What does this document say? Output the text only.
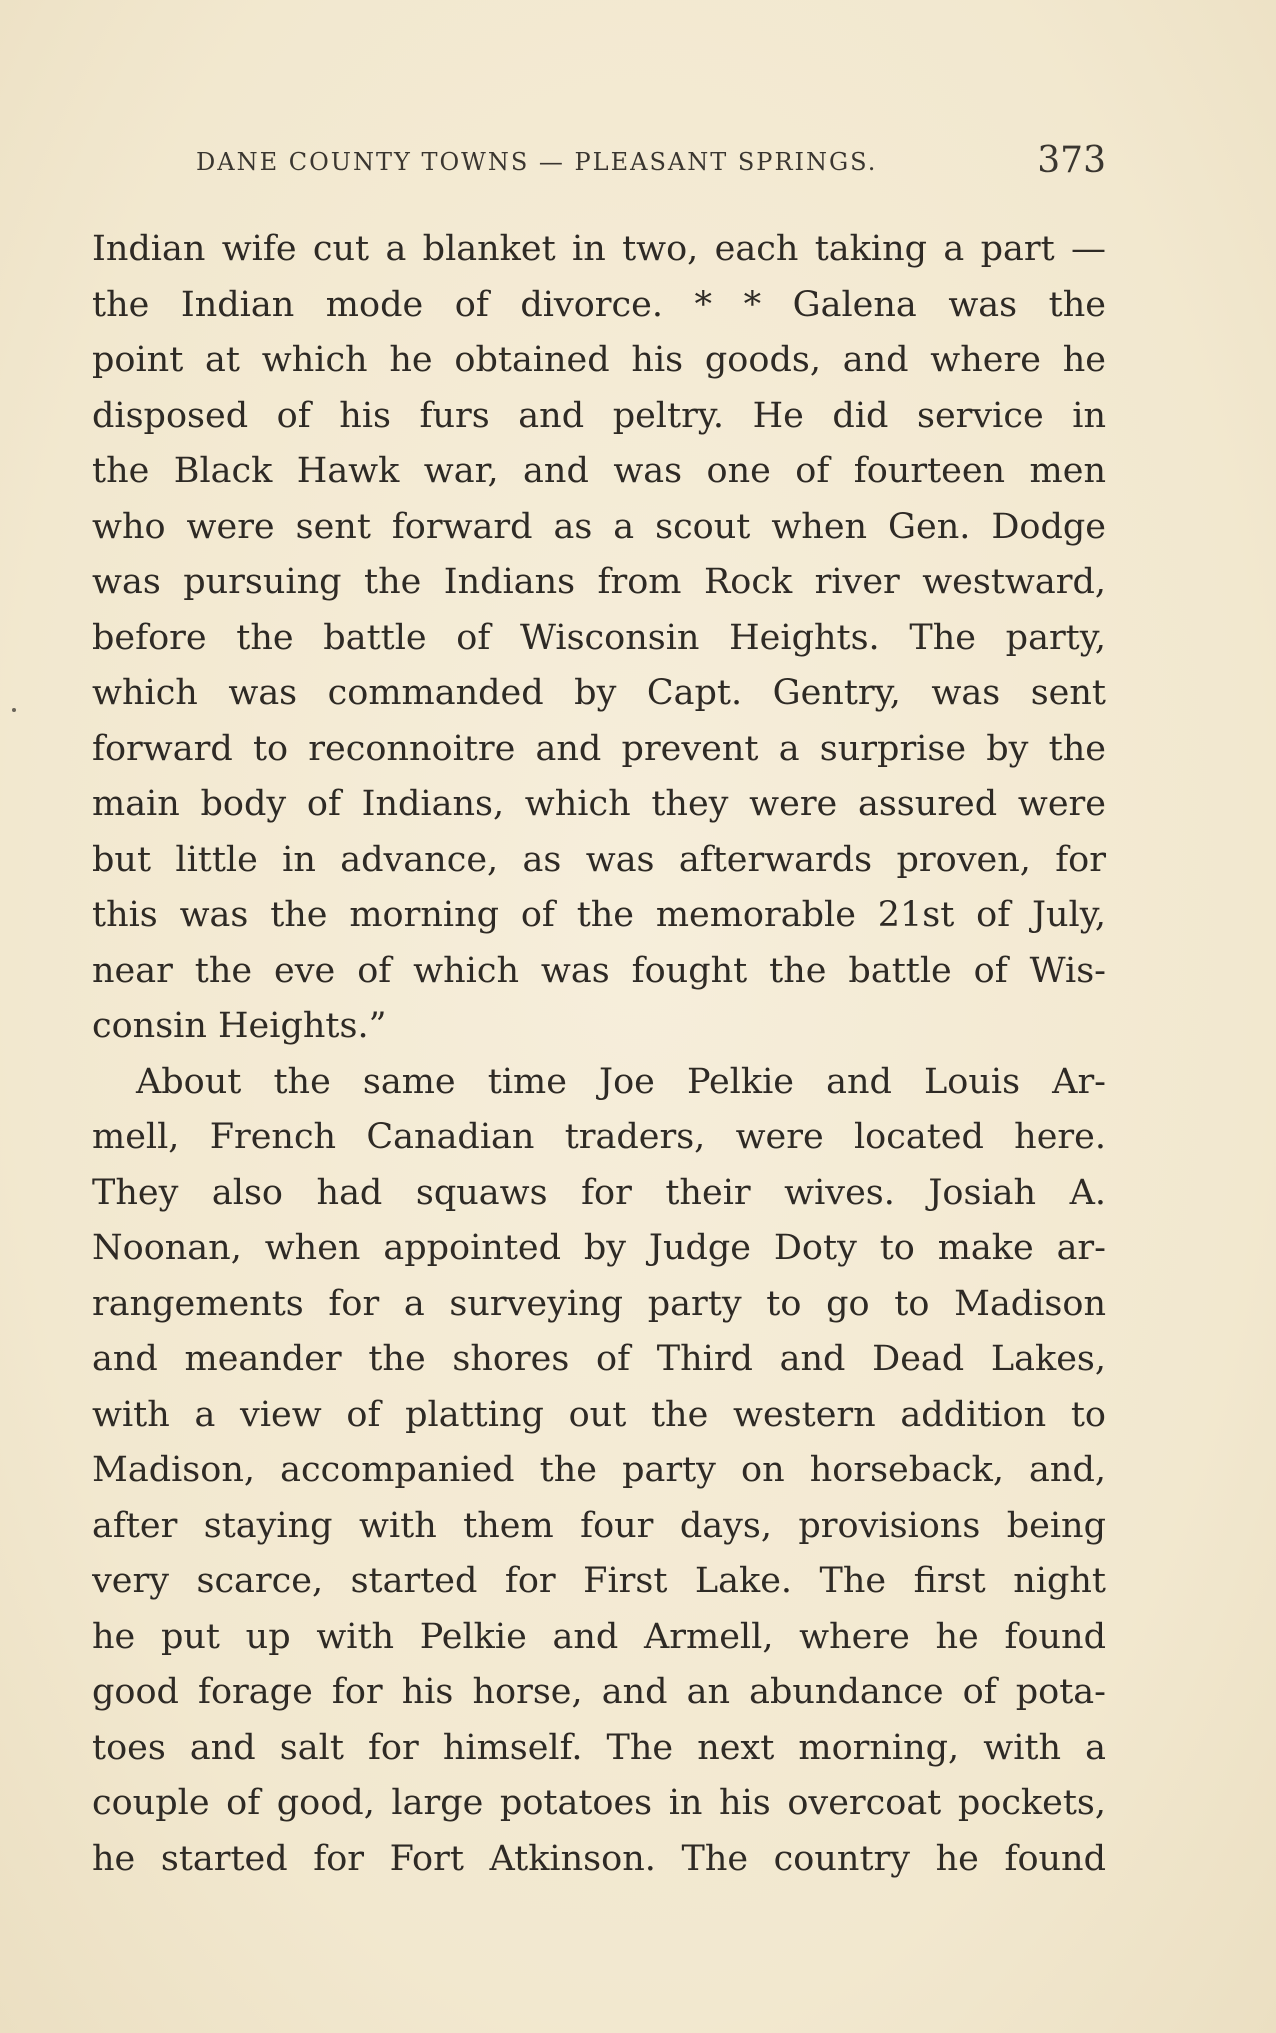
DANE COUNTY TOWNS — PLEASANT SPRINGS.	373
Indian wife cut a blanket in two, each taking a part —
the Indian mode of divorce. * * Galena was the
point at which he obtained his goods, and where he
disposed of his furs and peltry. He did service in
the Black Hawk war, and was one of fourteen men
who were sent forward as a scout when Gen. Dodge
was pursuing the Indians from Rock river westward,
before the battle of Wisconsin Heights. The party,
which was commanded by Capt. Gentry, was sent
forward to reconnoitre and prevent a surprise by the
main body of Indians, which they were assured were
but little in advance, as was afterwards proven, for
this was the morning of the memorable 21st of July,
near the eve of which was fought the battle of Wis-
consin Heights.”
About the same time Joe Pelkie and Louis Ar-
mell, French Canadian traders, were located here.
They also had squaws for their wives. Josiah A.
Noonan, when appointed by Judge Doty to make ar-
rangements for a surveying party to go to Madison
and meander the shores of Third and Dead Lakes,
with a view of platting out the western addition to
Madison, accompanied the party on horseback, and,
after staying with them four days, provisions being
very scarce, started for First Lake. The first night
he put up with Pelkie and Armell, where he found
good forage for his horse, and an abundance of pota-
toes and salt for himself. The next morning, with a
couple of good, large potatoes in his overcoat pockets,
he started for Fort Atkinson. The country he found
